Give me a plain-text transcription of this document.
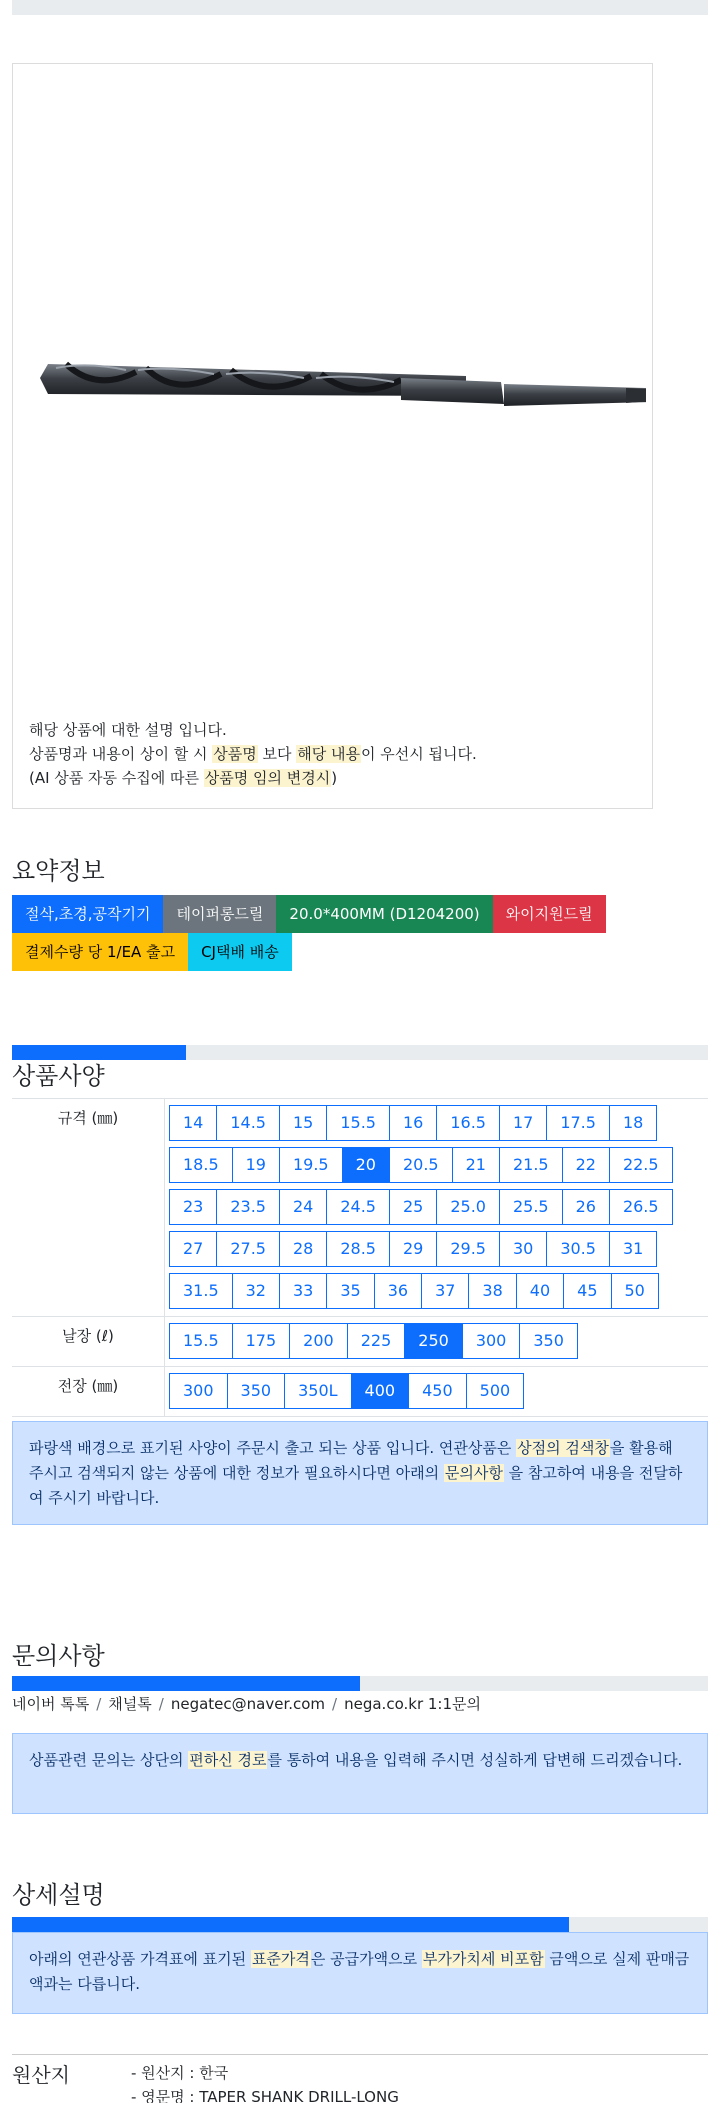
해당 상품에 대한 설명 입니다.
상품명과 내용이 상이 할 시 상품명 보다 해당 내용이 우선시 됩니다.
(AI 상품 자동 수집에 따른 상품명 임의 변경시)
요약정보
절삭,초경,공작기기	테이퍼롱드릴	20.0*400MM (D1204200)	와이지원드릴
결제수량 당 1/EA 출고	CJ택배 배송
상품사양
규격 (㎜)	14	14.5	15	15.5	16	16.5	17	17.5	18
18.5	19	19.5	20	20.5	21	21.5	22	22.5
23	23.5	24	24.5	25	25.0	25.5	26	26.5
27	27.5	28	28.5	29	29.5	30	30.5	31
31.5	32	33	35	36	37	38	40	45	50
날장 (ℓ)	15.5	175	200	225	250	300	350
전장 (㎜)	300	350	350L	400	450	500
파랑색 배경으로 표기된 사양이 주문시 출고 되는 상품 입니다. 연관상품은 상점의 검색창을 활용해 주시고 검색되지 않는 상품에 대한 정보가 필요하시다면 아래의 문의사항 을 참고하여 내용을 전달하여 주시기 바랍니다.
문의사항
네이버 톡톡 / 채널톡 / negatec@naver.com / nega.co.kr 1:1문의
상품관련 문의는 상단의 편하신 경로를 통하여 내용을 입력해 주시면 성실하게 답변해 드리겠습니다.
상세설명
아래의 연관상품 가격표에 표기된 표준가격은 공급가액으로 부가가치세 비포함 금액으로 실제 판매금액과는 다릅니다.
원산지	- 원산지 : 한국
- 영문명 : TAPER SHANK DRILL-LONG
